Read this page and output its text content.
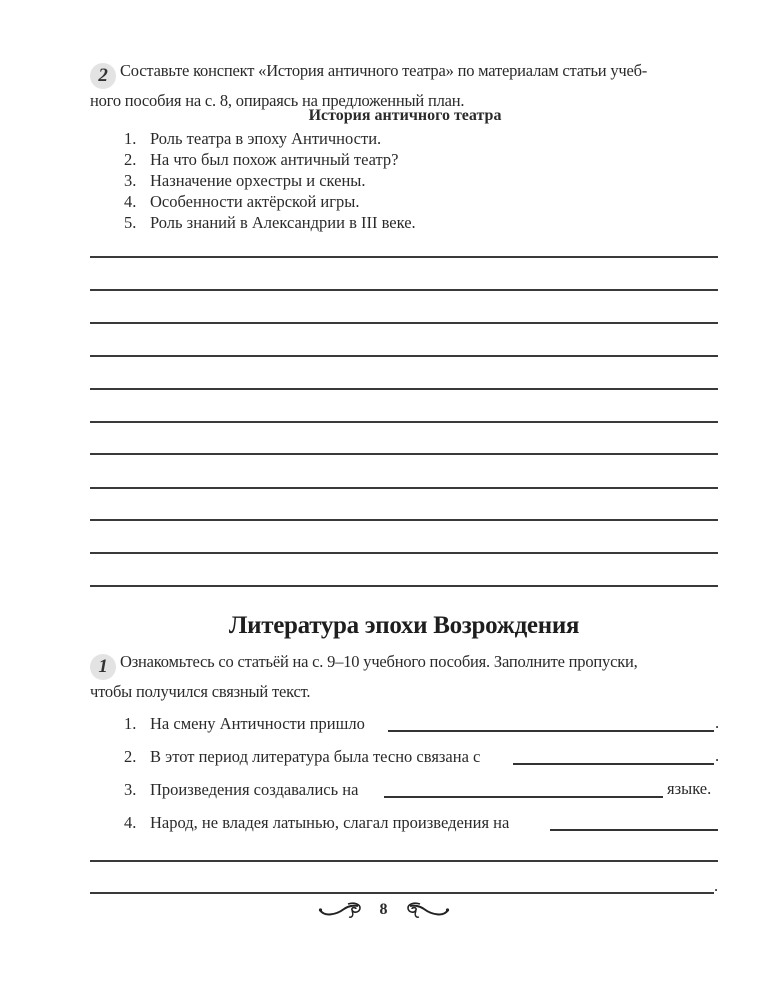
2 Составьте конспект «История античного театра» по материалам статьи учеб-
ного пособия на с. 8, опираясь на предложенный план.
История античного театра
1. Роль театра в эпоху Античности.
2. На что был похож античный театр?
3. Назначение орхестры и скены.
4. Особенности актёрской игры.
5. Роль знаний в Александрии в III веке.
Литература эпохи Возрождения
1 Ознакомьтесь со статьёй на с. 9–10 учебного пособия. Заполните пропуски,
чтобы получился связный текст.
1. На смену Античности пришло	.
2. В этот период литература была тесно связана с	.
3. Произведения создавались на	языке.
4. Народ, не владея латынью, слагал произведения на
.
8
